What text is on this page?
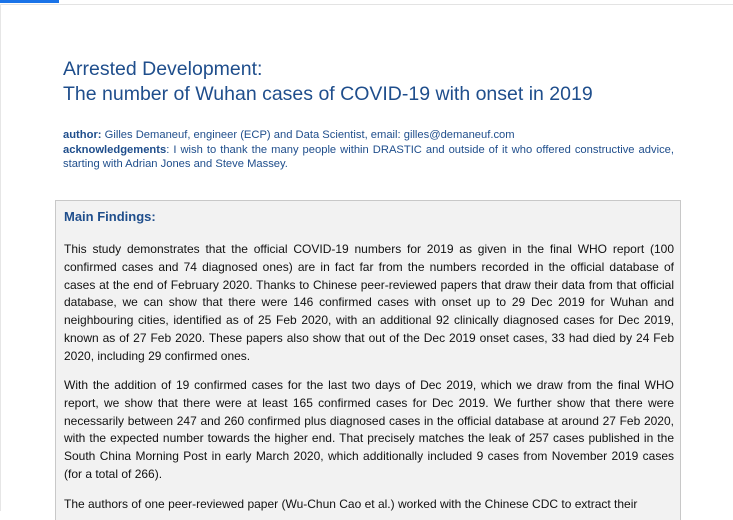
Arrested Development:
The number of Wuhan cases of COVID-19 with onset in 2019
author: Gilles Demaneuf, engineer (ECP) and Data Scientist, email: gilles@demaneuf.com
acknowledgements: I wish to thank the many people within DRASTIC and outside of it who offered constructive advice, starting with Adrian Jones and Steve Massey.
Main Findings:

This study demonstrates that the official COVID-19 numbers for 2019 as given in the final WHO report (100 confirmed cases and 74 diagnosed ones) are in fact far from the numbers recorded in the official database of cases at the end of February 2020. Thanks to Chinese peer-reviewed papers that draw their data from that official database, we can show that there were 146 confirmed cases with onset up to 29 Dec 2019 for Wuhan and neighbouring cities, identified as of 25 Feb 2020, with an additional 92 clinically diagnosed cases for Dec 2019, known as of 27 Feb 2020. These papers also show that out of the Dec 2019 onset cases, 33 had died by 24 Feb 2020, including 29 confirmed ones.

With the addition of 19 confirmed cases for the last two days of Dec 2019, which we draw from the final WHO report, we show that there were at least 165 confirmed cases for Dec 2019. We further show that there were necessarily between 247 and 260 confirmed plus diagnosed cases in the official database at around 27 Feb 2020, with the expected number towards the higher end. That precisely matches the leak of 257 cases published in the South China Morning Post in early March 2020, which additionally included 9 cases from November 2019 cases (for a total of 266).

The authors of one peer-reviewed paper (Wu-Chun Cao et al.) worked with the Chinese CDC to extract their
